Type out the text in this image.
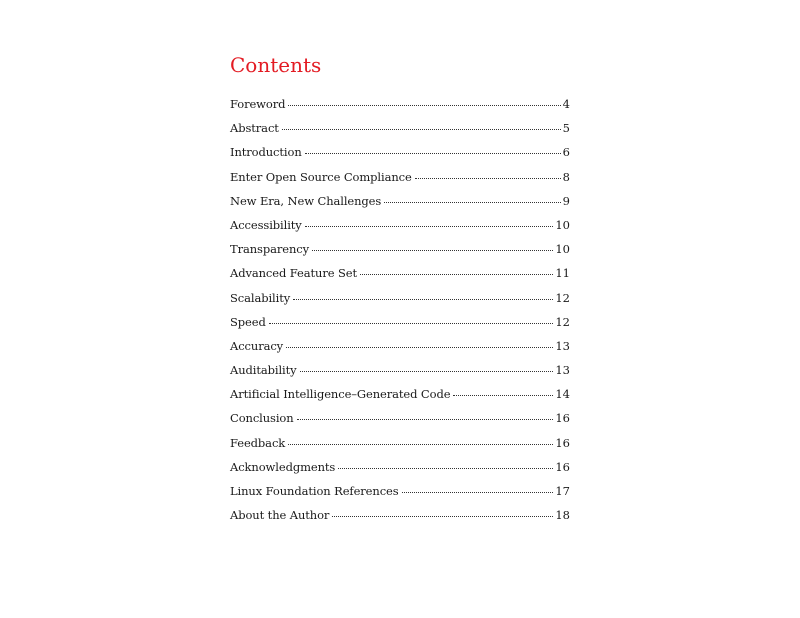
Contents
Foreword	4
Abstract	5
Introduction	6
Enter Open Source Compliance	8
New Era, New Challenges	9
Accessibility	10
Transparency	10
Advanced Feature Set	11
Scalability	12
Speed	12
Accuracy	13
Auditability	13
Artificial Intelligence–Generated Code	14
Conclusion	16
Feedback	16
Acknowledgments	16
Linux Foundation References	17
About the Author	18
